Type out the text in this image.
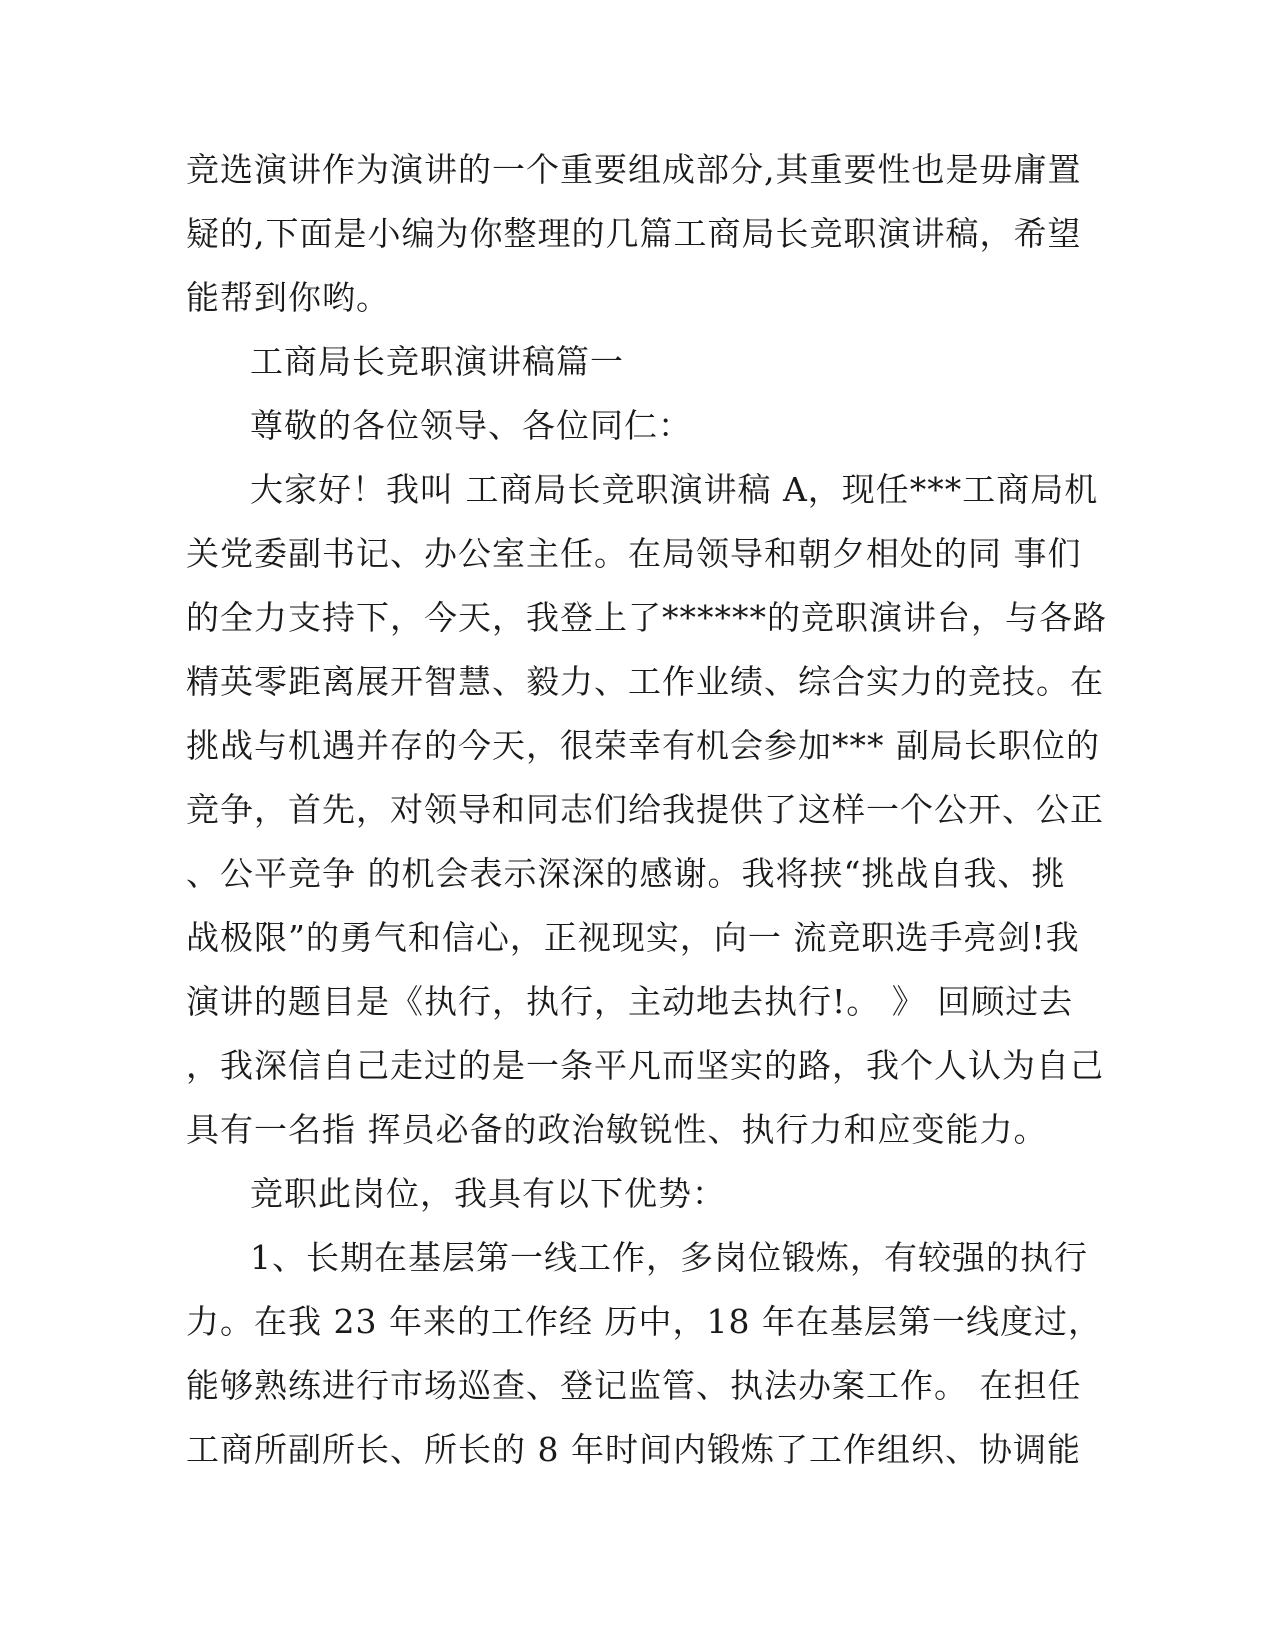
竞选演讲作为演讲的一个重要组成部分,其重要性也是毋庸置
疑的,下面是小编为你整理的几篇工商局长竞职演讲稿，希望
能帮到你哟。
工商局长竞职演讲稿篇一
尊敬的各位领导、各位同仁：
大家好！我叫 工商局长竞职演讲稿 A，现任***工商局机
关党委副书记、办公室主任。在局领导和朝夕相处的同 事们
的全力支持下，今天，我登上了******的竞职演讲台，与各路
精英零距离展开智慧、毅力、工作业绩、综合实力的竞技。在
挑战与机遇并存的今天，很荣幸有机会参加*** 副局长职位的
竞争，首先，对领导和同志们给我提供了这样一个公开、公正
、公平竞争 的机会表示深深的感谢。我将挟“挑战自我、挑
战极限”的勇气和信心，正视现实，向一 流竞职选手亮剑!我
演讲的题目是《执行，执行，主动地去执行!。 》 回顾过去
，我深信自己走过的是一条平凡而坚实的路，我个人认为自己
具有一名指 挥员必备的政治敏锐性、执行力和应变能力。
竞职此岗位，我具有以下优势：
1、长期在基层第一线工作，多岗位锻炼，有较强的执行
力。在我 23 年来的工作经 历中，18 年在基层第一线度过，
能够熟练进行市场巡查、登记监管、执法办案工作。 在担任
工商所副所长、所长的 8 年时间内锻炼了工作组织、协调能
